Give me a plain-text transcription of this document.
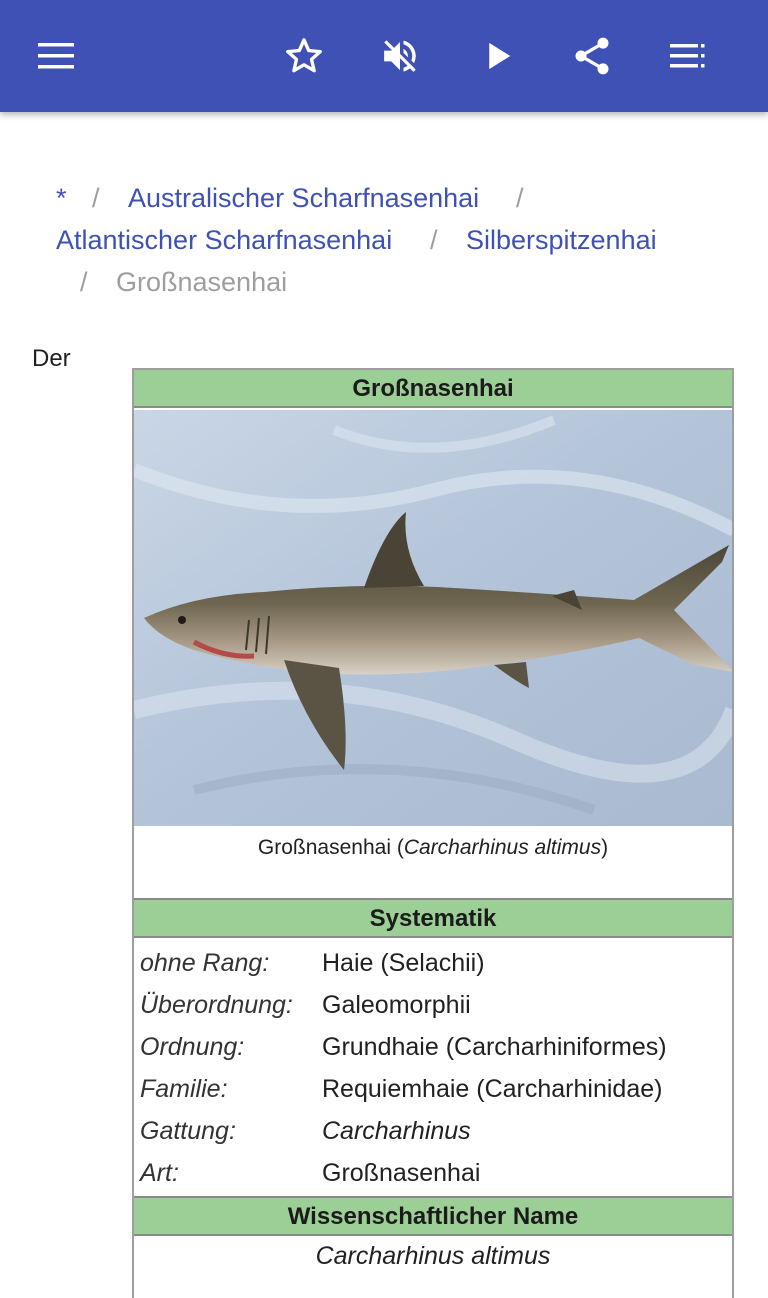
* / Australischer Scharfnasenhai /
Atlantischer Scharfnasenhai / Silberspitzenhai
/ Großnasenhai
Der
Großnasenhai
Großnasenhai (Carcharhinus altimus)
Systematik
ohne Rang: Haie (Selachii)
Überordnung: Galeomorphii
Ordnung:	Grundhaie (Carcharhiniformes)
Familie:	Requiemhaie (Carcharhinidae)
Gattung:	Carcharhinus
Art:	Großnasenhai
Wissenschaftlicher Name
Carcharhinus altimus
